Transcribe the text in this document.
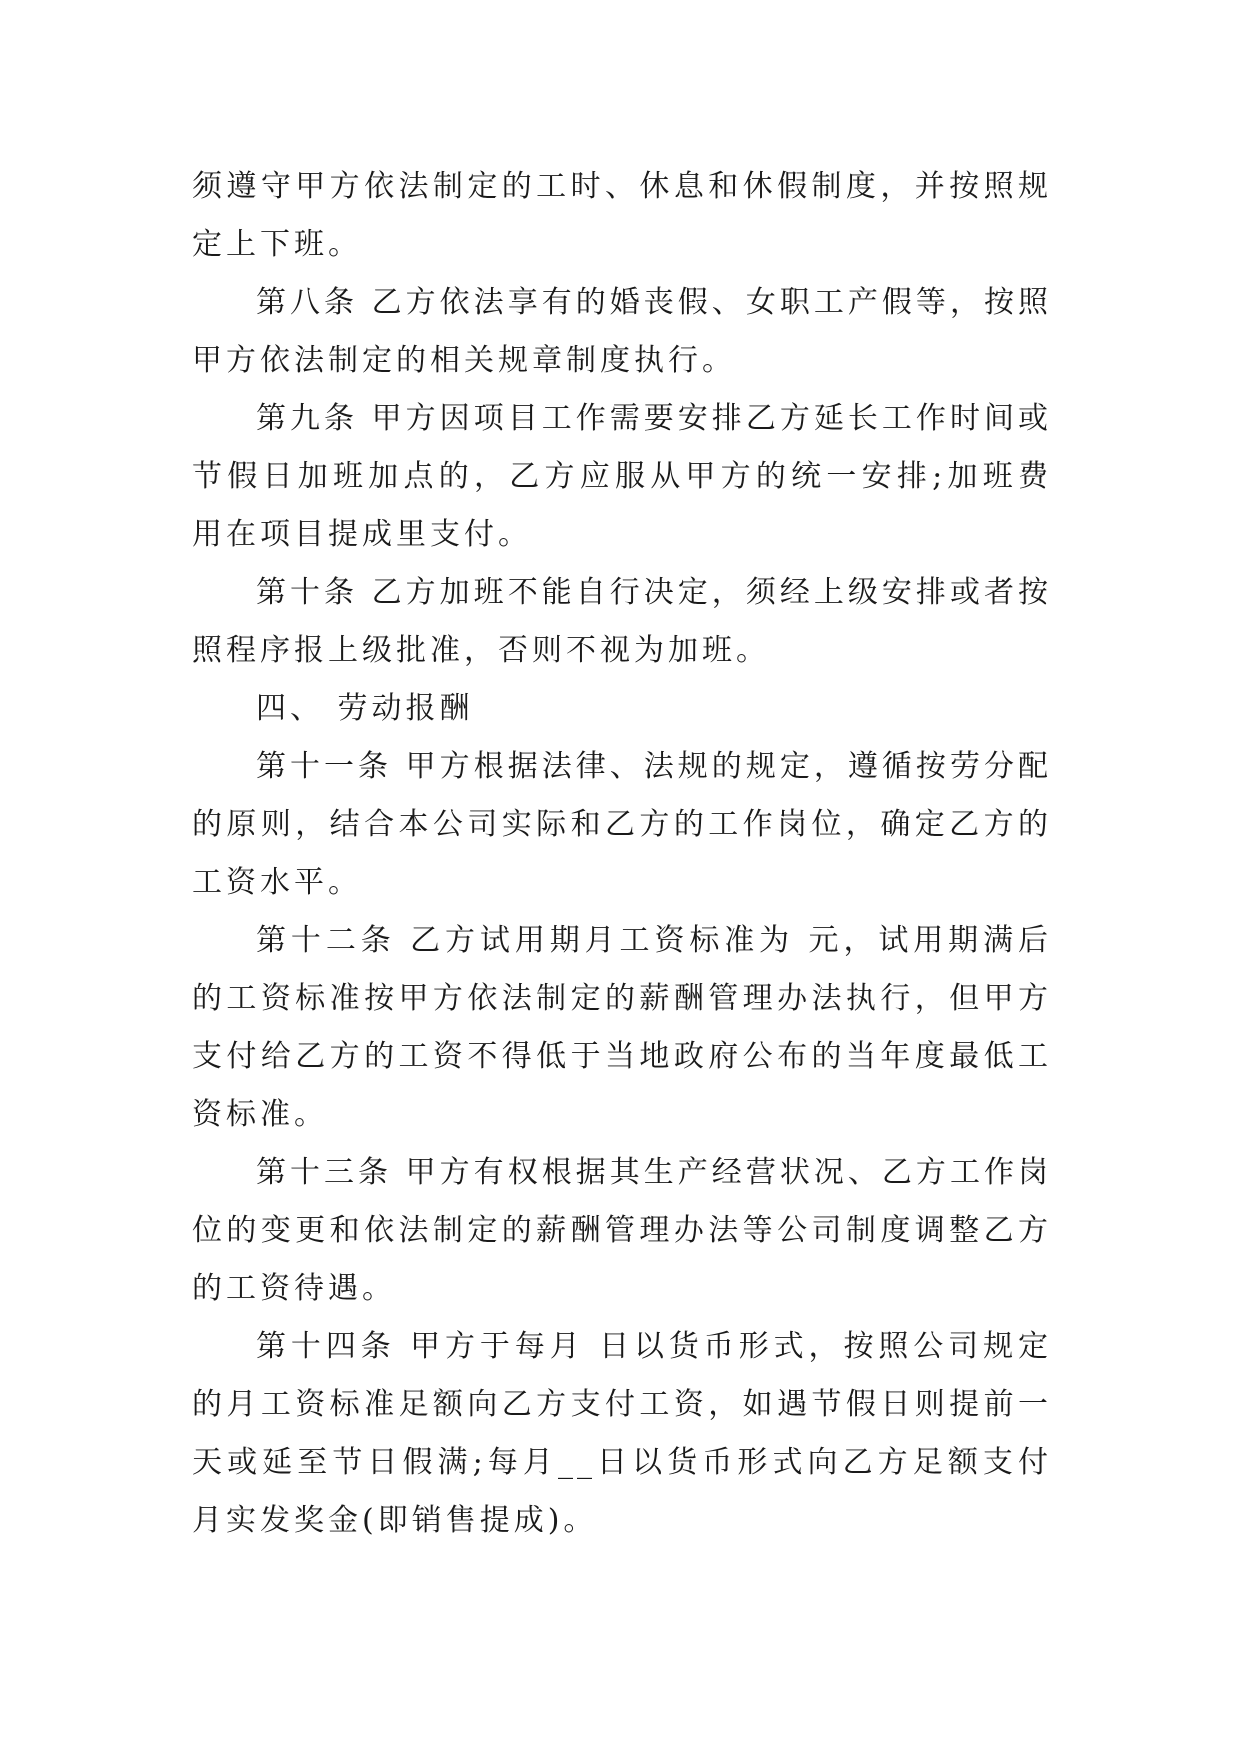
须遵守甲方依法制定的工时、休息和休假制度，并按照规定上下班。

第八条 乙方依法享有的婚丧假、女职工产假等，按照甲方依法制定的相关规章制度执行。

第九条 甲方因项目工作需要安排乙方延长工作时间或节假日加班加点的，乙方应服从甲方的统一安排;加班费用在项目提成里支付。

第十条 乙方加班不能自行决定，须经上级安排或者按照程序报上级批准，否则不视为加班。

四、 劳动报酬

第十一条 甲方根据法律、法规的规定，遵循按劳分配的原则，结合本公司实际和乙方的工作岗位，确定乙方的工资水平。

第十二条 乙方试用期月工资标准为 元，试用期满后的工资标准按甲方依法制定的薪酬管理办法执行，但甲方支付给乙方的工资不得低于当地政府公布的当年度最低工资标准。

第十三条 甲方有权根据其生产经营状况、乙方工作岗位的变更和依法制定的薪酬管理办法等公司制度调整乙方的工资待遇。

第十四条 甲方于每月 日以货币形式，按照公司规定的月工资标准足额向乙方支付工资，如遇节假日则提前一天或延至节日假满;每月__日以货币形式向乙方足额支付月实发奖金(即销售提成)。
